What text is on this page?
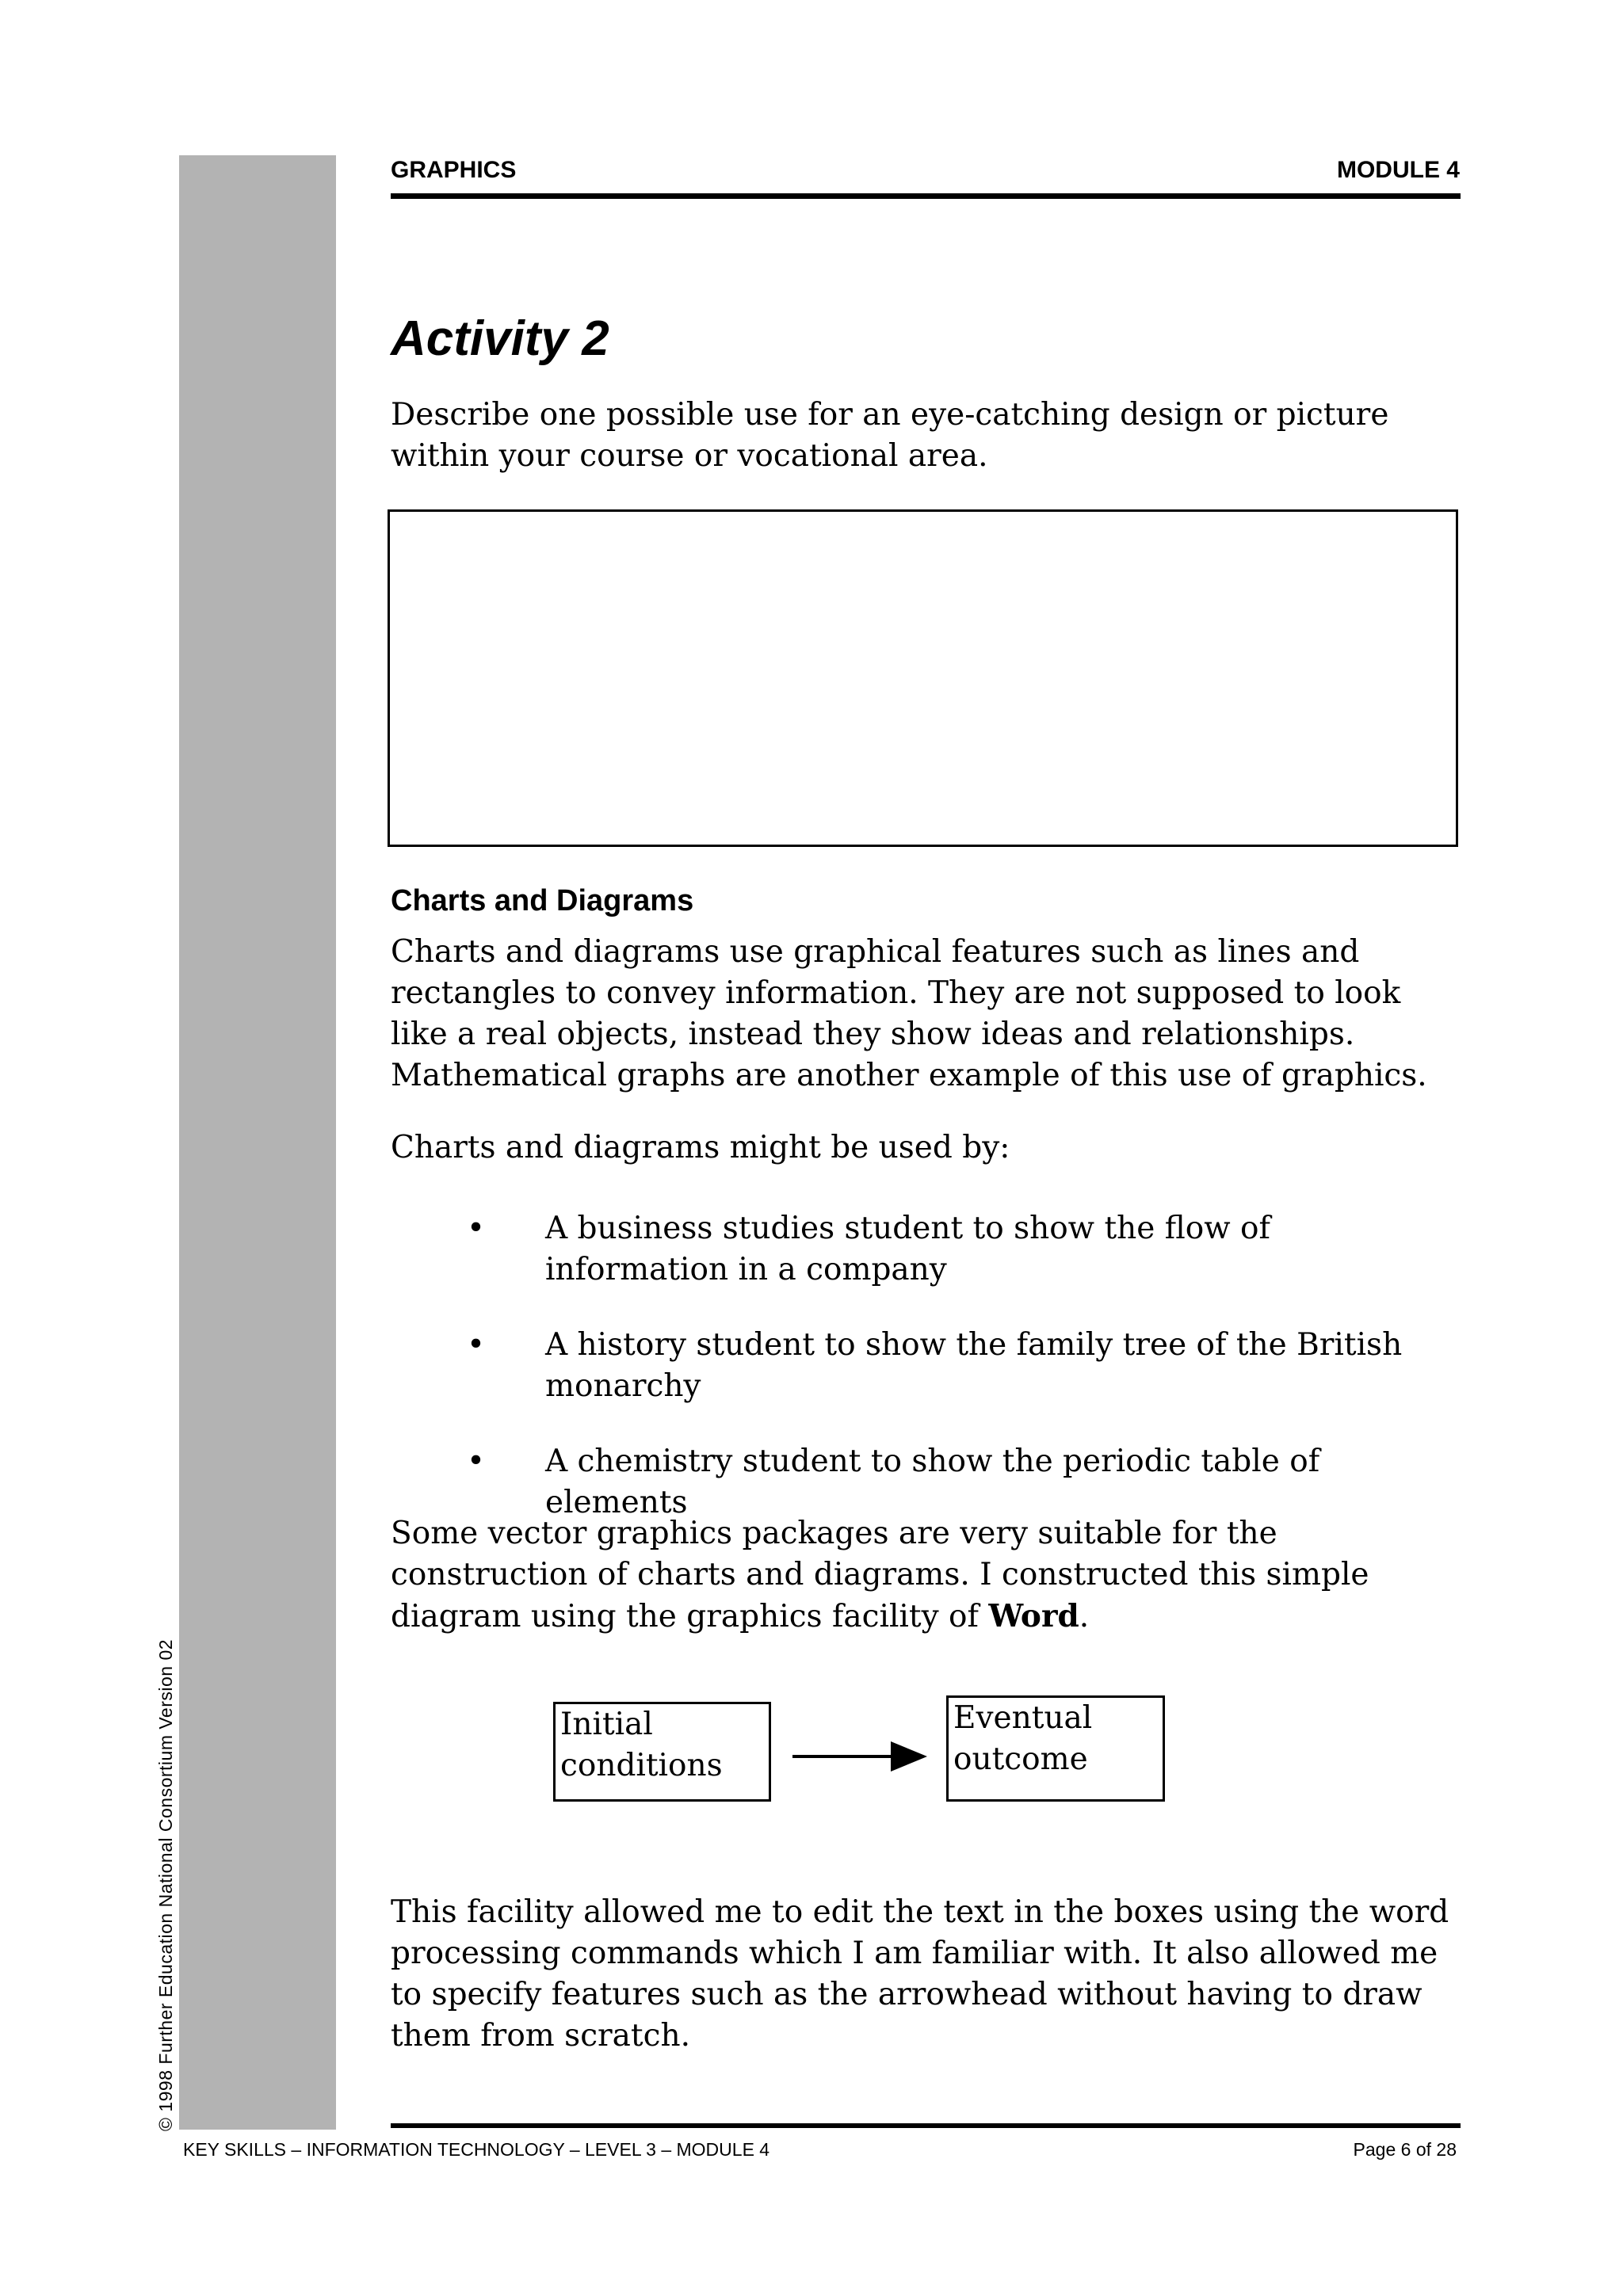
© 1998 Further Education National Consortium Version 02
GRAPHICS	MODULE 4
Activity 2

Describe one possible use for an eye-catching design or picture within your course or vocational area.

Charts and Diagrams

Charts and diagrams use graphical features such as lines and rectangles to convey information. They are not supposed to look like a real objects, instead they show ideas and relationships. Mathematical graphs are another example of this use of graphics.

Charts and diagrams might be used by:

• A business studies student to show the flow of information in a company
• A history student to show the family tree of the British monarchy
• A chemistry student to show the periodic table of elements

Some vector graphics packages are very suitable for the construction of charts and diagrams. I constructed this simple diagram using the graphics facility of Word.

Initial
conditions
Eventual
outcome

This facility allowed me to edit the text in the boxes using the word processing commands which I am familiar with. It also allowed me to specify features such as the arrowhead without having to draw them from scratch.

KEY SKILLS – INFORMATION TECHNOLOGY – LEVEL 3 – MODULE 4	Page 6 of 28
